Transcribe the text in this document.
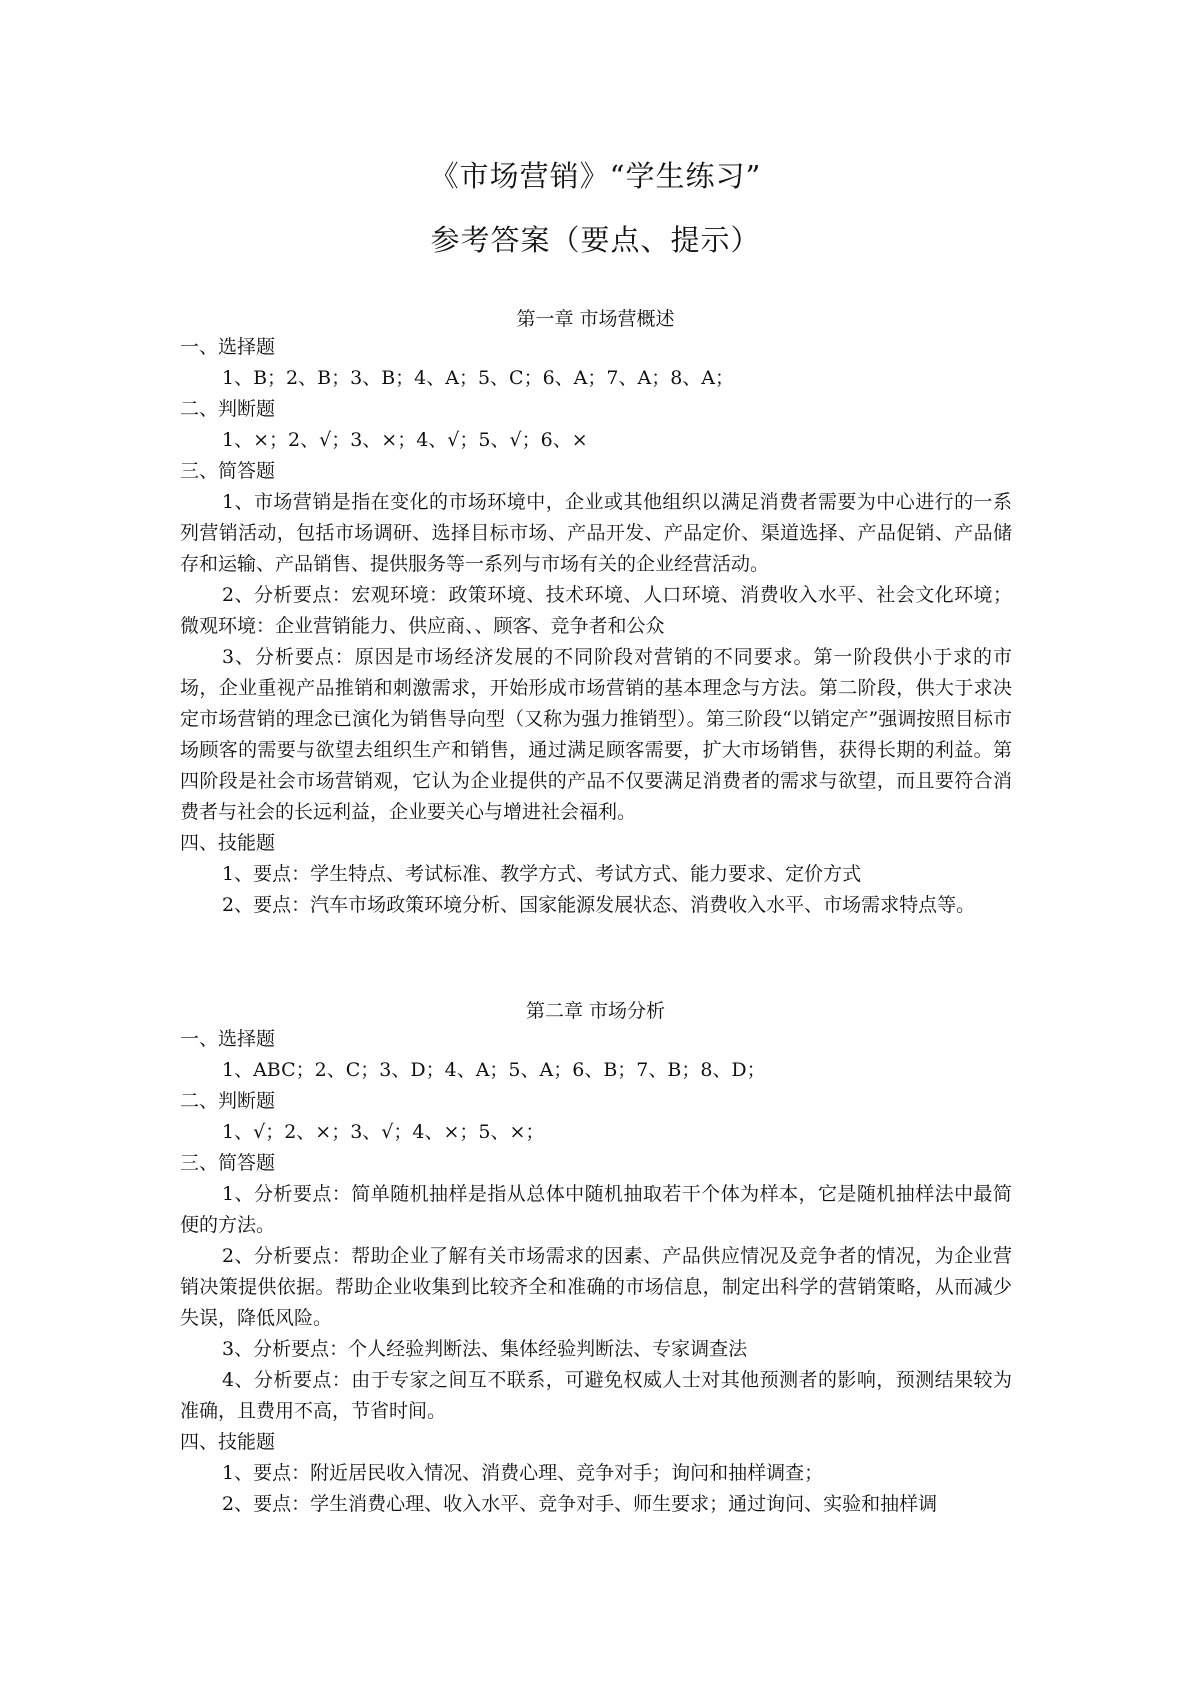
《市场营销》“学生练习”
参考答案（要点、提示）
第一章 市场营概述

一、选择题

1、B；2、B；3、B；4、A；5、C；6、A；7、A；8、A；

二、判断题

1、×；2、√；3、×；4、√；5、√；6、×

三、简答题

1、市场营销是指在变化的市场环境中，企业或其他组织以满足消费者需要为中心进行的一系列营销活动，包括市场调研、选择目标市场、产品开发、产品定价、渠道选择、产品促销、产品储存和运输、产品销售、提供服务等一系列与市场有关的企业经营活动。

2、分析要点：宏观环境：政策环境、技术环境、人口环境、消费收入水平、社会文化环境；微观环境：企业营销能力、供应商、、顾客、竞争者和公众

3、分析要点：原因是市场经济发展的不同阶段对营销的不同要求。第一阶段供小于求的市场，企业重视产品推销和刺激需求，开始形成市场营销的基本理念与方法。第二阶段，供大于求决定市场营销的理念已演化为销售导向型（又称为强力推销型）。第三阶段“以销定产”强调按照目标市场顾客的需要与欲望去组织生产和销售，通过满足顾客需要，扩大市场销售，获得长期的利益。第四阶段是社会市场营销观，它认为企业提供的产品不仅要满足消费者的需求与欲望，而且要符合消费者与社会的长远利益，企业要关心与增进社会福利。

四、技能题

1、要点：学生特点、考试标准、教学方式、考试方式、能力要求、定价方式

2、要点：汽车市场政策环境分析、国家能源发展状态、消费收入水平、市场需求特点等。

第二章 市场分析

一、选择题

1、ABC；2、C；3、D；4、A；5、A；6、B；7、B；8、D；

二、判断题

1、√；2、×；3、√；4、×；5、×；

三、简答题

1、分析要点：简单随机抽样是指从总体中随机抽取若干个体为样本，它是随机抽样法中最简便的方法。

2、分析要点：帮助企业了解有关市场需求的因素、产品供应情况及竞争者的情况，为企业营销决策提供依据。帮助企业收集到比较齐全和准确的市场信息，制定出科学的营销策略，从而减少失误，降低风险。

3、分析要点：个人经验判断法、集体经验判断法、专家调查法

4、分析要点：由于专家之间互不联系，可避免权威人士对其他预测者的影响，预测结果较为准确，且费用不高，节省时间。

四、技能题

1、要点：附近居民收入情况、消费心理、竞争对手；询问和抽样调查；

2、要点：学生消费心理、收入水平、竞争对手、师生要求；通过询问、实验和抽样调
